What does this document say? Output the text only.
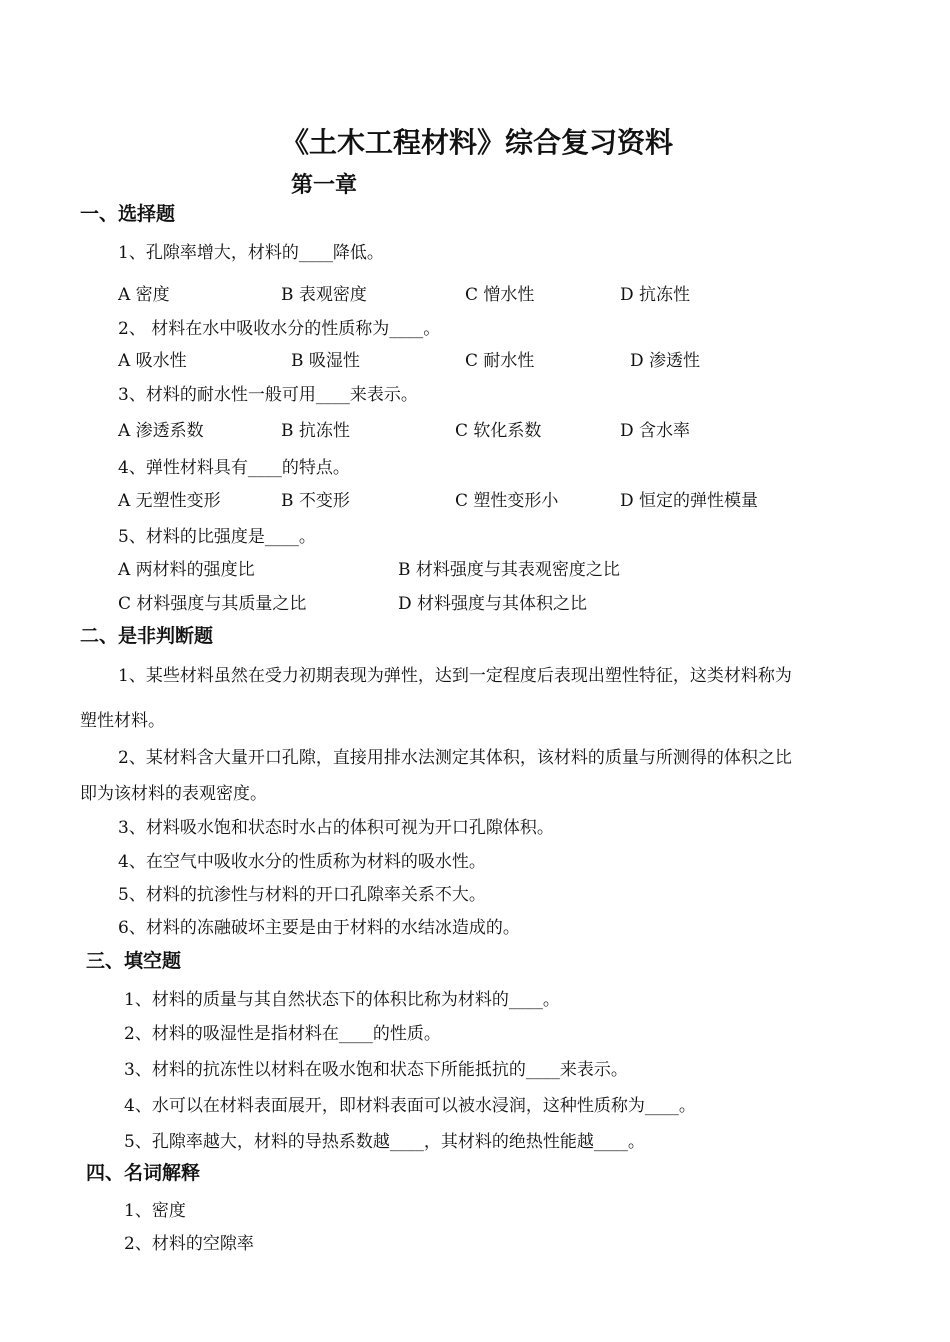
《土木工程材料》综合复习资料
第一章
一、选择题
1、孔隙率增大，材料的____降低。
A 密度	B 表观密度	C 憎水性	D 抗冻性
2、 材料在水中吸收水分的性质称为____。
A 吸水性	B 吸湿性	C 耐水性	D 渗透性
3、材料的耐水性一般可用____来表示。
A 渗透系数	B 抗冻性	C 软化系数	D 含水率
4、弹性材料具有____的特点。
A 无塑性变形	B 不变形	C 塑性变形小	D 恒定的弹性模量
5、材料的比强度是____。
A 两材料的强度比	B 材料强度与其表观密度之比
C 材料强度与其质量之比	D 材料强度与其体积之比
二、是非判断题
1、某些材料虽然在受力初期表现为弹性，达到一定程度后表现出塑性特征，这类材料称为
塑性材料。
2、某材料含大量开口孔隙，直接用排水法测定其体积，该材料的质量与所测得的体积之比
即为该材料的表观密度。
3、材料吸水饱和状态时水占的体积可视为开口孔隙体积。
4、在空气中吸收水分的性质称为材料的吸水性。
5、材料的抗渗性与材料的开口孔隙率关系不大。
6、材料的冻融破坏主要是由于材料的水结冰造成的。
三、填空题
1、材料的质量与其自然状态下的体积比称为材料的____。
2、材料的吸湿性是指材料在____的性质。
3、材料的抗冻性以材料在吸水饱和状态下所能抵抗的____来表示。
4、水可以在材料表面展开，即材料表面可以被水浸润，这种性质称为____。
5、孔隙率越大，材料的导热系数越____，其材料的绝热性能越____。
四、名词解释
1、密度
2、材料的空隙率
